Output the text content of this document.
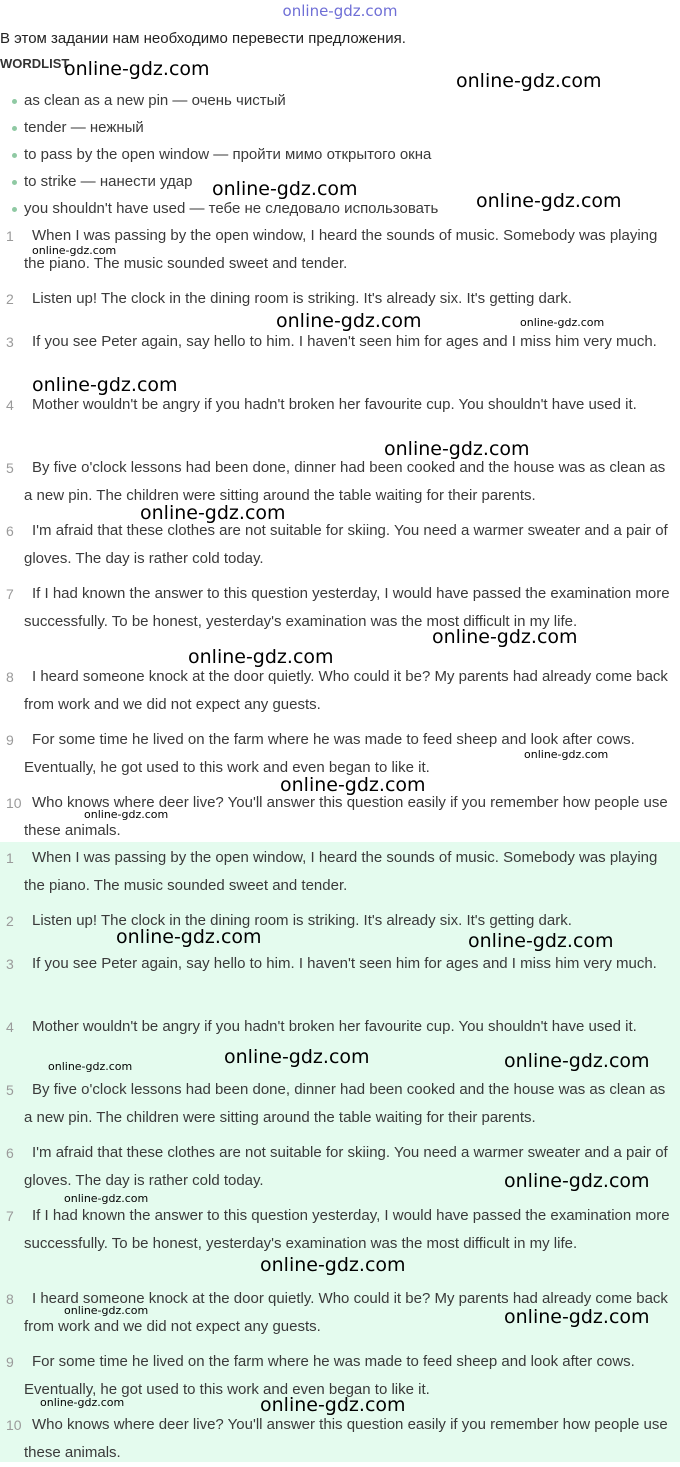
online-gdz.com
В этом задании нам необходимо перевести предложения.
WORDLIST
as clean as a new pin — очень чистый
tender — нежный
to pass by the open window — пройти мимо открытого окна
to strike — нанести удар
you shouldn't have used — тебе не следовало использовать
1	When I was passing by the open window, I heard the sounds of music. Somebody was playing the piano. The music sounded sweet and tender.
2	Listen up! The clock in the dining room is striking. It's already six. It's getting dark.
3	If you see Peter again, say hello to him. I haven't seen him for ages and I miss him very much.
4	Mother wouldn't be angry if you hadn't broken her favourite cup. You shouldn't have used it.
5	By five o'clock lessons had been done, dinner had been cooked and the house was as clean as a new pin. The children were sitting around the table waiting for their parents.
6	I'm afraid that these clothes are not suitable for skiing. You need a warmer sweater and a pair of gloves. The day is rather cold today.
7	If I had known the answer to this question yesterday, I would have passed the examination more successfully. To be honest, yesterday's examination was the most difficult in my life.
8	I heard someone knock at the door quietly. Who could it be? My parents had already come back from work and we did not expect any guests.
9	For some time he lived on the farm where he was made to feed sheep and look after cows. Eventually, he got used to this work and even began to like it.
10 Who knows where deer live? You'll answer this question easily if you remember how people use these animals.
1	When I was passing by the open window, I heard the sounds of music. Somebody was playing the piano. The music sounded sweet and tender.
2	Listen up! The clock in the dining room is striking. It's already six. It's getting dark.
3	If you see Peter again, say hello to him. I haven't seen him for ages and I miss him very much.
4	Mother wouldn't be angry if you hadn't broken her favourite cup. You shouldn't have used it.
5	By five o'clock lessons had been done, dinner had been cooked and the house was as clean as a new pin. The children were sitting around the table waiting for their parents.
6	I'm afraid that these clothes are not suitable for skiing. You need a warmer sweater and a pair of gloves. The day is rather cold today.
7	If I had known the answer to this question yesterday, I would have passed the examination more successfully. To be honest, yesterday's examination was the most difficult in my life.
8	I heard someone knock at the door quietly. Who could it be? My parents had already come back from work and we did not expect any guests.
9	For some time he lived on the farm where he was made to feed sheep and look after cows. Eventually, he got used to this work and even began to like it.
10 Who knows where deer live? You'll answer this question easily if you remember how people use these animals.
online-gdz.com
online-gdz.com
online-gdz.com
online-gdz.com
online-gdz.com
online-gdz.com	online-gdz.com
online-gdz.com
online-gdz.com
online-gdz.com
online-gdz.com
online-gdz.com
online-gdz.com
online-gdz.com
online-gdz.com
online-gdz.com	online-gdz.com
online-gdz.com	online-gdz.com	online-gdz.com
online-gdz.com
online-gdz.com
online-gdz.com
online-gdz.com	online-gdz.com
online-gdz.com	online-gdz.com
